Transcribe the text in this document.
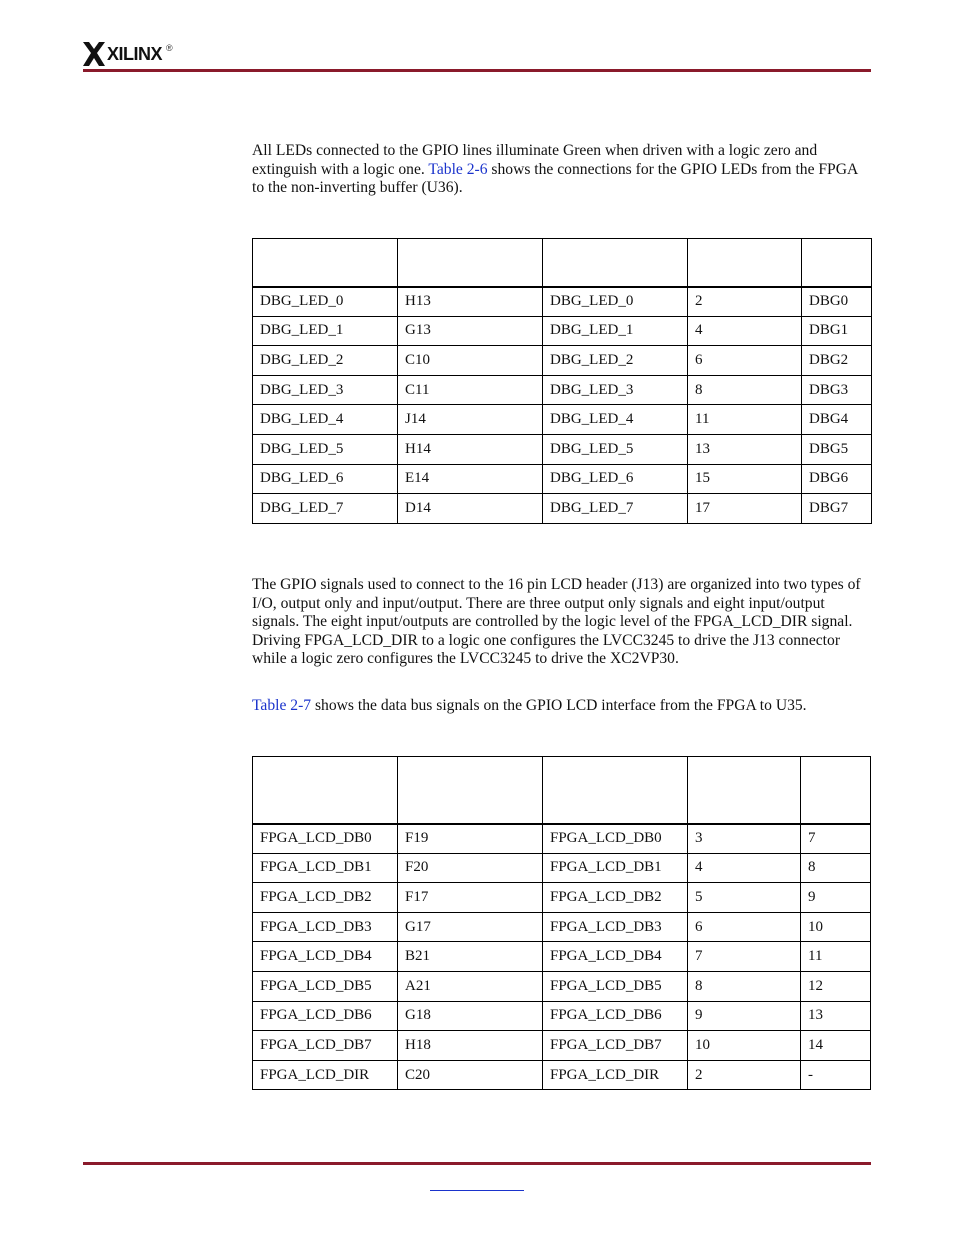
XILINX ®

All LEDs connected to the GPIO lines illuminate Green when driven with a logic zero and extinguish with a logic one. Table 2-6 shows the connections for the GPIO LEDs from the FPGA to the non-inverting buffer (U36).

DBG_LED_0	H13	DBG_LED_0	2	DBG0
DBG_LED_1	G13	DBG_LED_1	4	DBG1
DBG_LED_2	C10	DBG_LED_2	6	DBG2
DBG_LED_3	C11	DBG_LED_3	8	DBG3
DBG_LED_4	J14	DBG_LED_4	11	DBG4
DBG_LED_5	H14	DBG_LED_5	13	DBG5
DBG_LED_6	E14	DBG_LED_6	15	DBG6
DBG_LED_7	D14	DBG_LED_7	17	DBG7

The GPIO signals used to connect to the 16 pin LCD header (J13) are organized into two types of I/O, output only and input/output. There are three output only signals and eight input/output signals. The eight input/outputs are controlled by the logic level of the FPGA_LCD_DIR signal. Driving FPGA_LCD_DIR to a logic one configures the LVCC3245 to drive the J13 connector while a logic zero configures the LVCC3245 to drive the XC2VP30.

Table 2-7 shows the data bus signals on the GPIO LCD interface from the FPGA to U35.

FPGA_LCD_DB0	F19	FPGA_LCD_DB0	3	7
FPGA_LCD_DB1	F20	FPGA_LCD_DB1	4	8
FPGA_LCD_DB2	F17	FPGA_LCD_DB2	5	9
FPGA_LCD_DB3	G17	FPGA_LCD_DB3	6	10
FPGA_LCD_DB4	B21	FPGA_LCD_DB4	7	11
FPGA_LCD_DB5	A21	FPGA_LCD_DB5	8	12
FPGA_LCD_DB6	G18	FPGA_LCD_DB6	9	13
FPGA_LCD_DB7	H18	FPGA_LCD_DB7	10	14
FPGA_LCD_DIR	C20	FPGA_LCD_DIR	2	-
